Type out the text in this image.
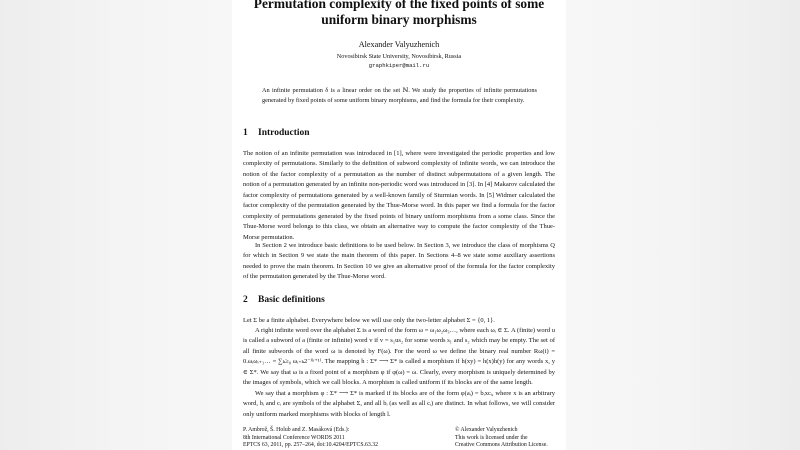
Permutation complexity of the fixed points of some uniform binary morphisms
Alexander Valyuzhenich
Novosibirsk State University, Novosibirsk, Russia
graphkiper@mail.ru
An infinite permutation δ is a linear order on the set ℕ. We study the properties of infinite permutations generated by fixed points of some uniform binary morphisms, and find the formula for their complexity.
1 Introduction
The notion of an infinite permutation was introduced in [1], where were investigated the periodic properties and low complexity of permutations. Similarly to the definition of subword complexity of infinite words, we can introduce the notion of the factor complexity of a permutation as the number of distinct subpermutations of a given length. The notion of a permutation generated by an infinite non-periodic word was introduced in [3]. In [4] Makarov calculated the factor complexity of permutations generated by a well-known family of Sturmian words. In [5] Widmer calculated the factor complexity of the permutation generated by the Thue-Morse word. In this paper we find a formula for the factor complexity of permutations generated by the fixed points of binary uniform morphisms from a some class. Since the Thue-Morse word belongs to this class, we obtain an alternative way to compute the factor complexity of the Thue-Morse permutation.
In Section 2 we introduce basic definitions to be used below. In Section 3, we introduce the class of morphisms Q for which in Section 9 we state the main theorem of this paper. In Sections 4–8 we state some auxiliary assertions needed to prove the main theorem. In Section 10 we give an alternative proof of the formula for the factor complexity of the permutation generated by the Thue-Morse word.
2 Basic definitions
Let Σ be a finite alphabet. Everywhere below we will use only the two-letter alphabet Σ = {0, 1}.
A right infinite word over the alphabet Σ is a word of the form ω = ω₁ω₂ω₃…, where each ωᵢ ∈ Σ. A (finite) word u is called a subword of a (finite or infinite) word v if v = s₁us₂ for some words s₁ and s₂ which may be empty. The set of all finite subwords of the word ω is denoted by F(ω). For the word ω we define the binary real number Rω(i) = 0.ωᵢωᵢ₊₁… = ∑ₖ≥₀ ωᵢ₊ₖ2⁻⁽ᵏ⁺¹⁾. The mapping h : Σ* ⟶ Σ* is called a morphism if h(xy) = h(x)h(y) for any words x, y ∈ Σ*. We say that ω is a fixed point of a morphism φ if φ(ω) = ω. Clearly, every morphism is uniquely determined by the images of symbols, which we call blocks. A morphism is called uniform if its blocks are of the same length.
We say that a morphism φ : Σ* ⟶ Σ* is marked if its blocks are of the form φ(aᵢ) = bᵢxcᵢ, where x is an arbitrary word, bᵢ and cᵢ are symbols of the alphabet Σ, and all bᵢ (as well as all cᵢ) are distinct. In what follows, we will consider only uniform marked morphisms with blocks of length l.
P. Ambrož, Š. Holub and Z. Masáková (Eds.):
8th International Conference WORDS 2011
EPTCS 63, 2011, pp. 257–264, doi:10.4204/EPTCS.63.32
© Alexander Valyuzhenich
This work is licensed under the
Creative Commons Attribution License.
